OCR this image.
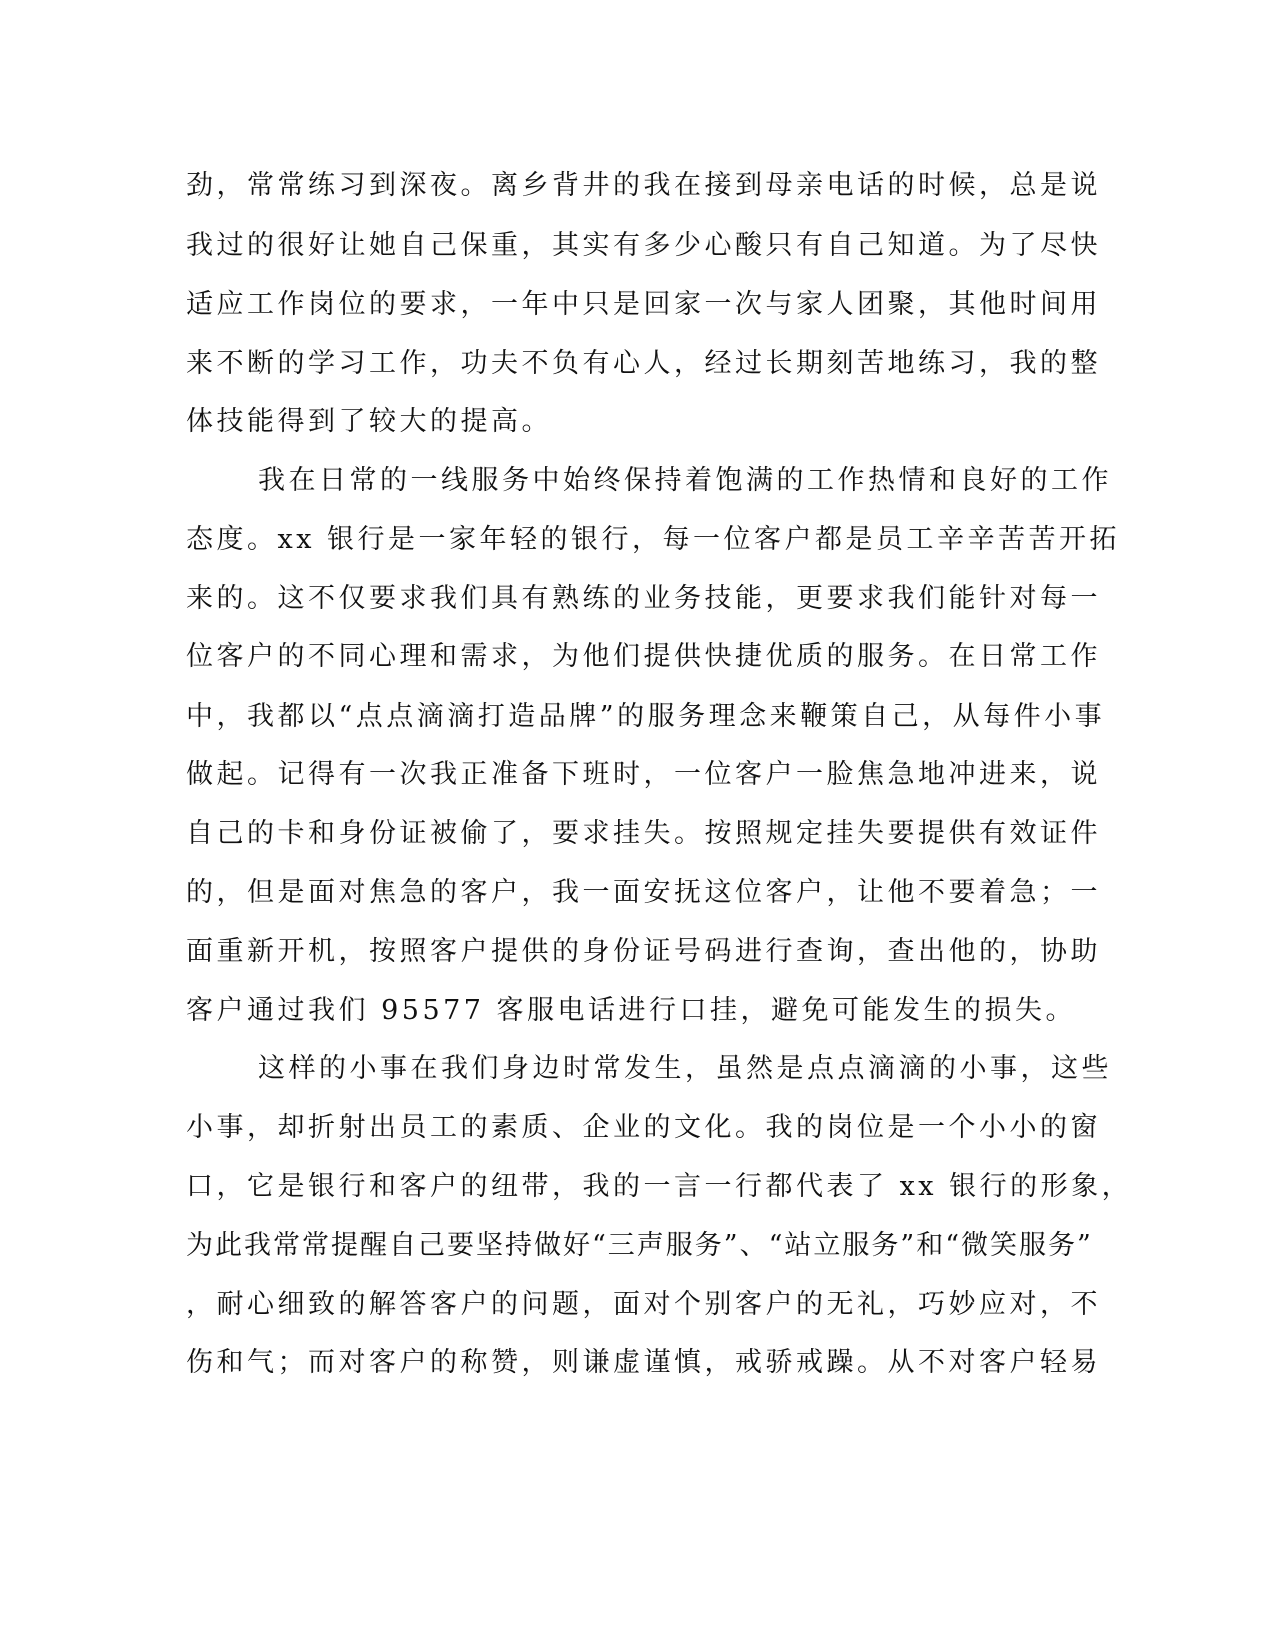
劲，常常练习到深夜。离乡背井的我在接到母亲电话的时候，总是说
我过的很好让她自己保重，其实有多少心酸只有自己知道。为了尽快
适应工作岗位的要求，一年中只是回家一次与家人团聚，其他时间用
来不断的学习工作，功夫不负有心人，经过长期刻苦地练习，我的整
体技能得到了较大的提高。
我在日常的一线服务中始终保持着饱满的工作热情和良好的工作
态度。xx 银行是一家年轻的银行，每一位客户都是员工辛辛苦苦开拓
来的。这不仅要求我们具有熟练的业务技能，更要求我们能针对每一
位客户的不同心理和需求，为他们提供快捷优质的服务。在日常工作
中，我都以“点点滴滴打造品牌”的服务理念来鞭策自己，从每件小事
做起。记得有一次我正准备下班时，一位客户一脸焦急地冲进来，说
自己的卡和身份证被偷了，要求挂失。按照规定挂失要提供有效证件
的，但是面对焦急的客户，我一面安抚这位客户，让他不要着急；一
面重新开机，按照客户提供的身份证号码进行查询，查出他的，协助
客户通过我们 95577 客服电话进行口挂，避免可能发生的损失。
这样的小事在我们身边时常发生，虽然是点点滴滴的小事，这些
小事，却折射出员工的素质、企业的文化。我的岗位是一个小小的窗
口，它是银行和客户的纽带，我的一言一行都代表了 xx 银行的形象，
为此我常常提醒自己要坚持做好“三声服务”、“站立服务”和“微笑服务”
，耐心细致的解答客户的问题，面对个别客户的无礼，巧妙应对，不
伤和气；而对客户的称赞，则谦虚谨慎，戒骄戒躁。从不对客户轻易
